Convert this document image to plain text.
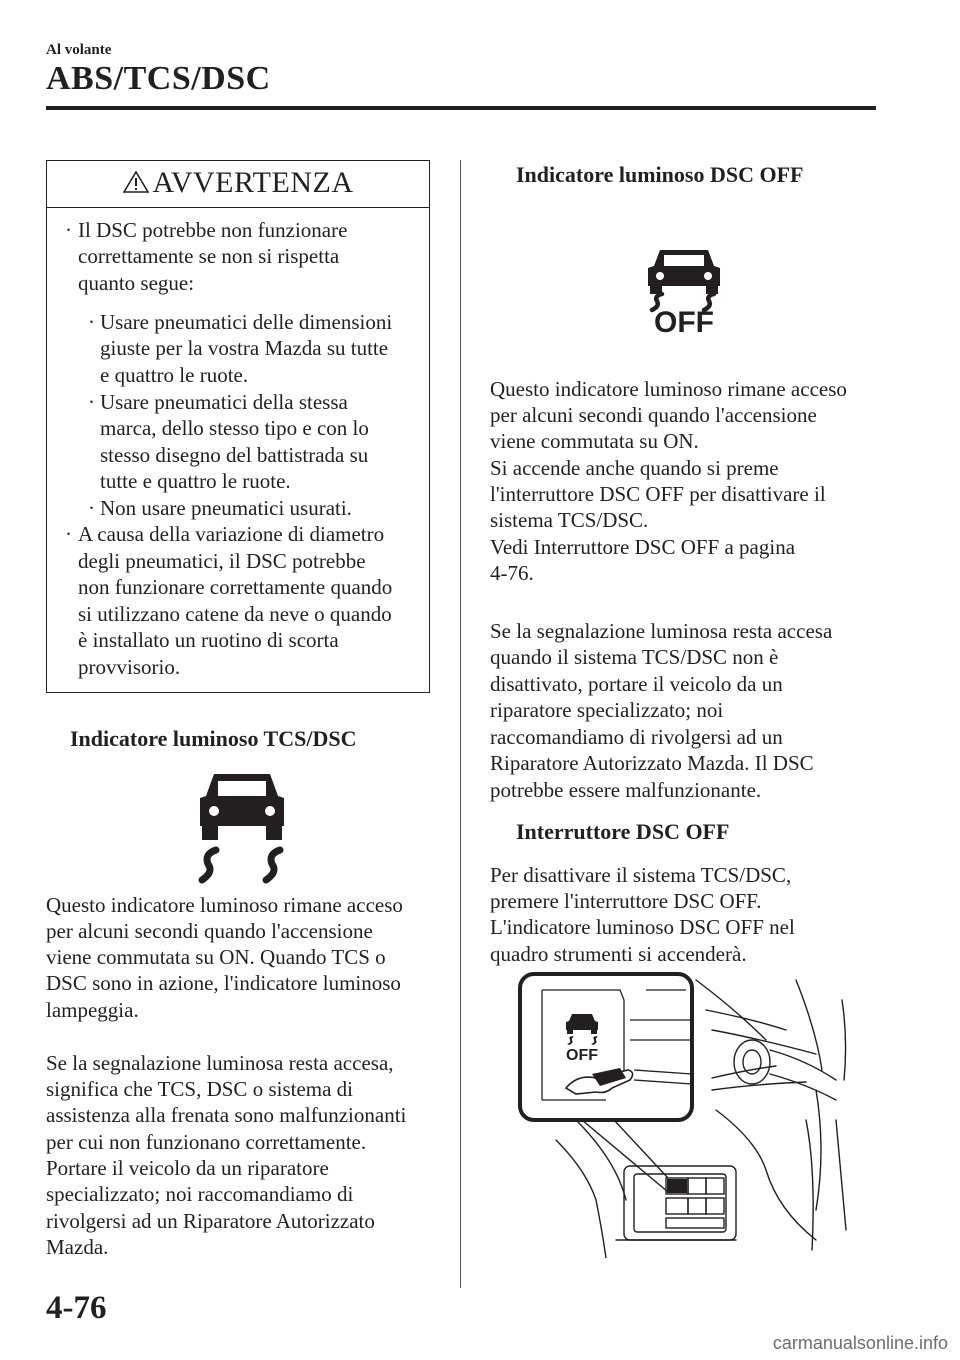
Al volante
ABS/TCS/DSC
AVVERTENZA
· Il DSC potrebbe non funzionare
correttamente se non si rispetta
quanto segue:
· Usare pneumatici delle dimensioni
giuste per la vostra Mazda su tutte
e quattro le ruote.
· Usare pneumatici della stessa
marca, dello stesso tipo e con lo
stesso disegno del battistrada su
tutte e quattro le ruote.
· Non usare pneumatici usurati.
· A causa della variazione di diametro
degli pneumatici, il DSC potrebbe
non funzionare correttamente quando
si utilizzano catene da neve o quando
è installato un ruotino di scorta
provvisorio.
Indicatore luminoso TCS/DSC
Questo indicatore luminoso rimane acceso
per alcuni secondi quando l'accensione
viene commutata su ON. Quando TCS o
DSC sono in azione, l'indicatore luminoso
lampeggia.
Se la segnalazione luminosa resta accesa,
significa che TCS, DSC o sistema di
assistenza alla frenata sono malfunzionanti
per cui non funzionano correttamente.
Portare il veicolo da un riparatore
specializzato; noi raccomandiamo di
rivolgersi ad un Riparatore Autorizzato
Mazda.
Indicatore luminoso DSC OFF
OFF
Questo indicatore luminoso rimane acceso
per alcuni secondi quando l'accensione
viene commutata su ON.
Si accende anche quando si preme
l'interruttore DSC OFF per disattivare il
sistema TCS/DSC.
Vedi Interruttore DSC OFF a pagina
4-76.
Se la segnalazione luminosa resta accesa
quando il sistema TCS/DSC non è
disattivato, portare il veicolo da un
riparatore specializzato; noi
raccomandiamo di rivolgersi ad un
Riparatore Autorizzato Mazda. Il DSC
potrebbe essere malfunzionante.
Interruttore DSC OFF
Per disattivare il sistema TCS/DSC,
premere l'interruttore DSC OFF.
L'indicatore luminoso DSC OFF nel
quadro strumenti si accenderà.
OFF
4-76
carmanualsonline.info
